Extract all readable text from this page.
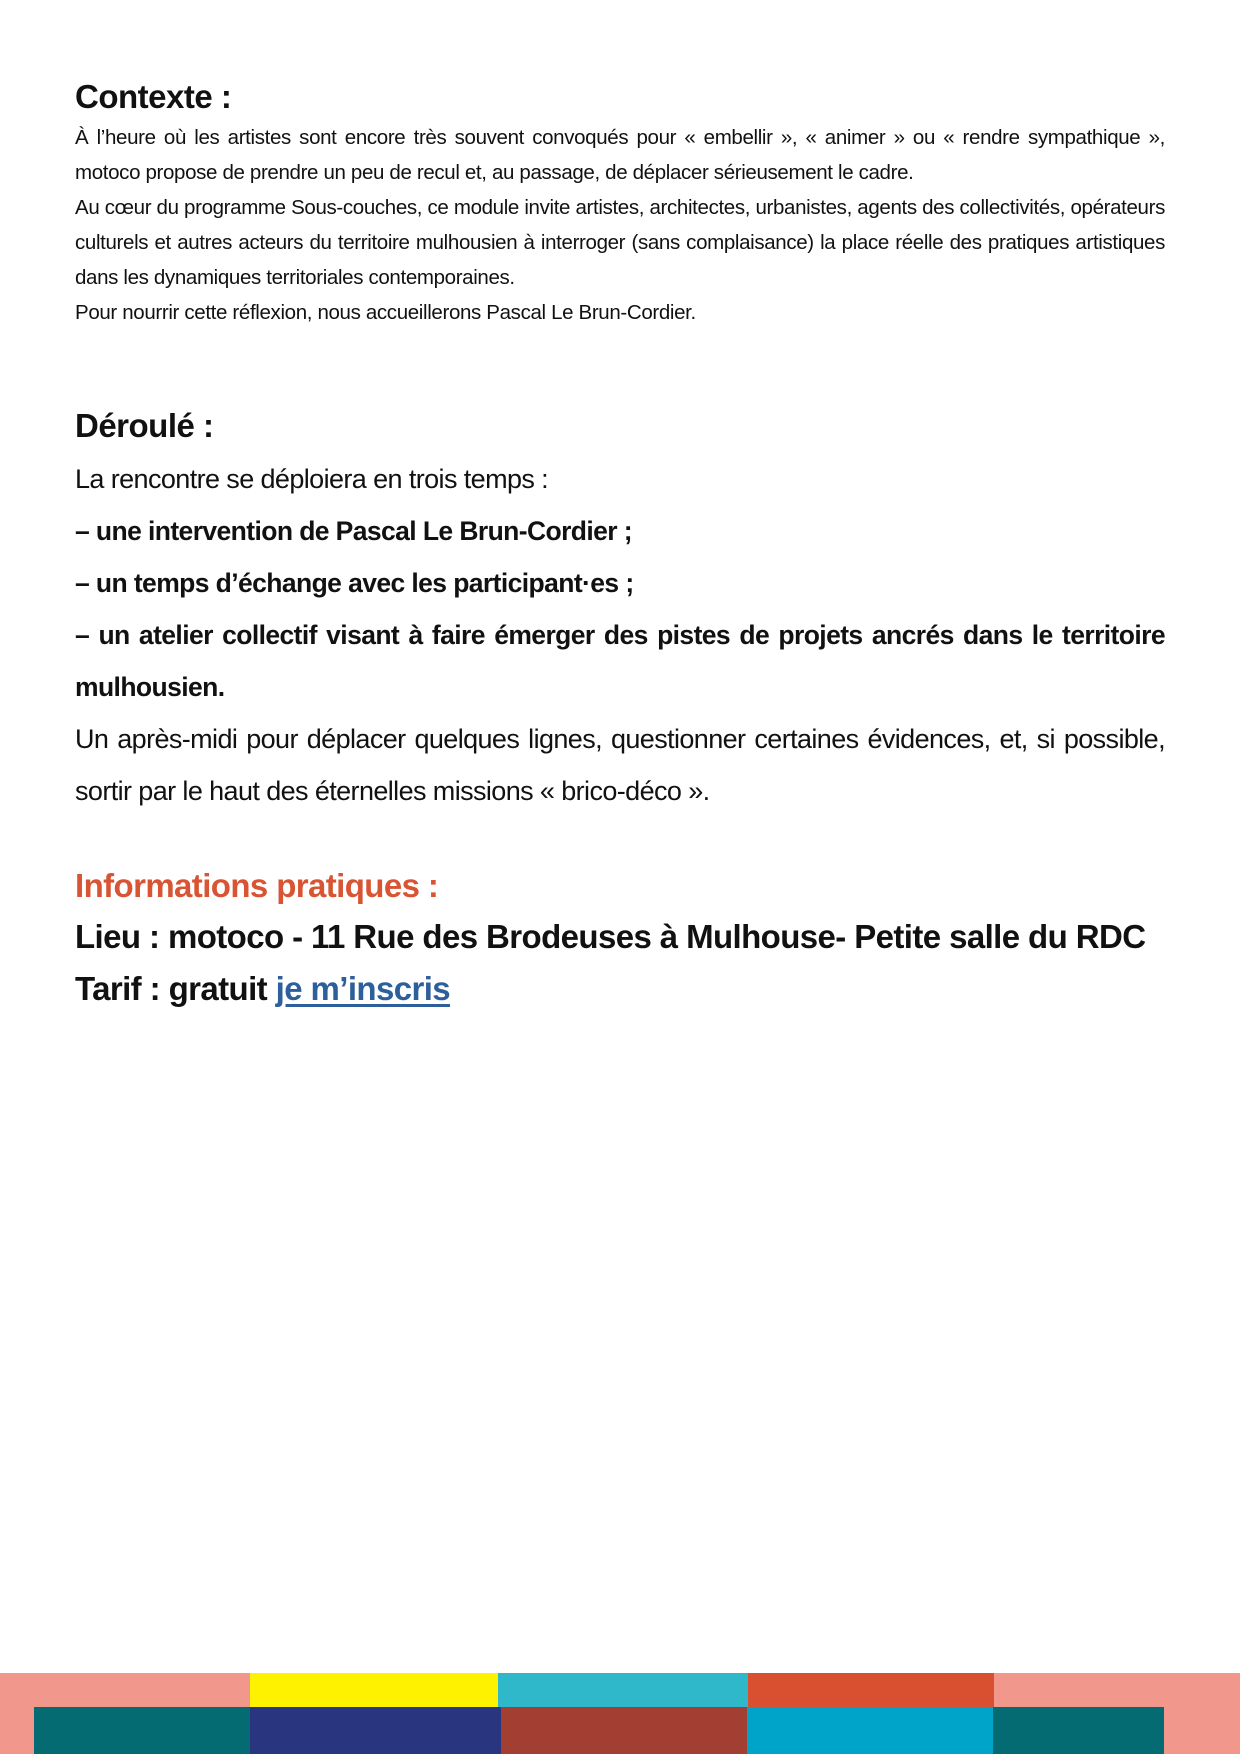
Contexte :

À l’heure où les artistes sont encore très souvent convoqués pour « embellir », « animer » ou « rendre sympathique », motoco propose de prendre un peu de recul et, au passage, de déplacer sérieusement le cadre.

Au cœur du programme Sous-couches, ce module invite artistes, architectes, urbanistes, agents des collectivités, opérateurs culturels et autres acteurs du territoire mulhousien à interroger (sans complaisance) la place réelle des pratiques artistiques dans les dynamiques territoriales contemporaines.

Pour nourrir cette réflexion, nous accueillerons Pascal Le Brun-Cordier.

Déroulé :

La rencontre se déploiera en trois temps :

– une intervention de Pascal Le Brun-Cordier ;

– un temps d’échange avec les participant·es ;

– un atelier collectif visant à faire émerger des pistes de projets ancrés dans le territoire mulhousien.

Un après-midi pour déplacer quelques lignes, questionner certaines évidences, et, si possible, sortir par le haut des éternelles missions « brico-déco ».

Informations pratiques :

Lieu : motoco - 11 Rue des Brodeuses à Mulhouse- Petite salle du RDC

Tarif : gratuit je m’inscris
